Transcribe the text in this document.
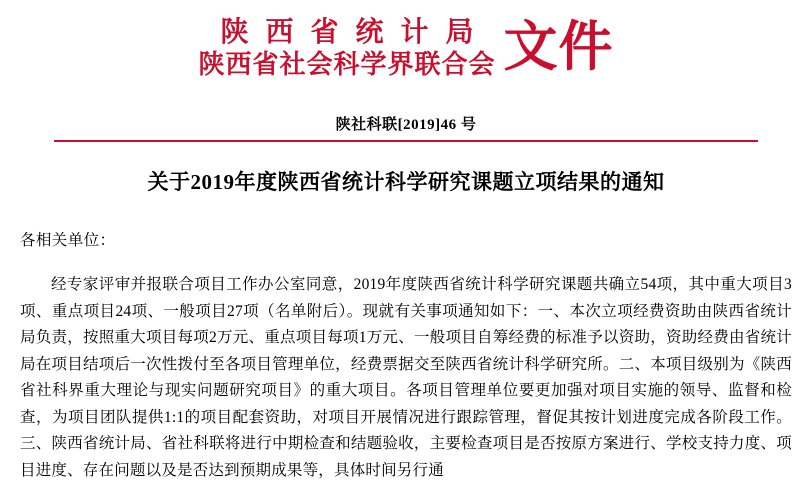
陕 西 省 统 计 局
陕西省社会科学界联合会 文件
陕社科联[2019]46 号
关于2019年度陕西省统计科学研究课题立项结果的通知
各相关单位：

经专家评审并报联合项目工作办公室同意，2019年度陕西省统计科学研究课题共确立54项，其中重大项目3项、重点项目24项、一般项目27项（名单附后）。现就有关事项通知如下：一、本次立项经费资助由陕西省统计局负责，按照重大项目每项2万元、重点项目每项1万元、一般项目自筹经费的标准予以资助，资助经费由省统计局在项目结项后一次性拨付至各项目管理单位，经费票据交至陕西省统计科学研究所。二、本项目级别为《陕西省社科界重大理论与现实问题研究项目》的重大项目。各项目管理单位要更加强对项目实施的领导、监督和检查，为项目团队提供1:1的项目配套资助，对项目开展情况进行跟踪管理，督促其按计划进度完成各阶段工作。三、陕西省统计局、省社科联将进行中期检查和结题验收，主要检查项目是否按原方案进行、学校支持力度、项目进度、存在问题以及是否达到预期成果等，具体时间另行通
